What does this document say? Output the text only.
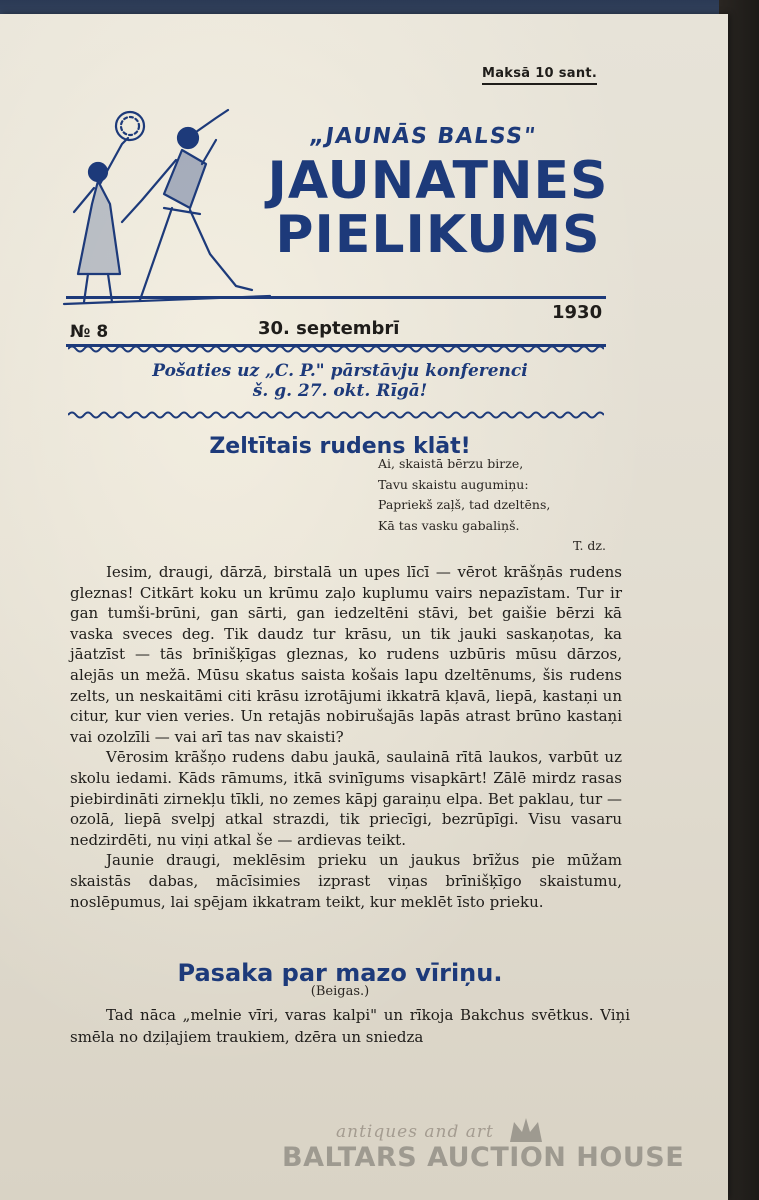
Maksā 10 sant.
„JAUNĀS BALSS"
JAUNATNES
PIELIKUMS
№ 8	30. septembrī
1930
Pošaties uz „C. P." pārstāvju konferenci
š. g. 27. okt. Rīgā!
Zeltītais rudens klāt!
Ai, skaistā bērzu birze,
Tavu skaistu augumiņu:
Papriekš zaļš, tad dzeltēns,
Kā tas vasku gabaliņš.
T. dz.

Iesim, draugi, dārzā, birstalā un upes līcī — vērot krāšņās rudens gleznas! Citkārt koku un krūmu zaļo kuplumu vairs nepazīstam. Tur ir gan tumši-brūni, gan sārti, gan iedzeltēni stāvi, bet gaišie bērzi kā vaska sveces deg. Tik daudz tur krāsu, un tik jauki saskaņotas, ka jāatzīst — tās brīnišķīgas gleznas, ko rudens uzbūris mūsu dārzos, alejās un mežā. Mūsu skatus saista košais lapu dzeltēnums, šis rudens zelts, un neskaitāmi citi krāsu izrotājumi ikkatrā kļavā, liepā, kastaņi un citur, kur vien veries. Un retajās nobirušajās lapās atrast brūno kastaņi vai ozolzīli — vai arī tas nav skaisti?

Vērosim krāšņo rudens dabu jaukā, saulainā rītā laukos, varbūt uz skolu iedami. Kāds rāmums, itkā svinīgums visapkārt! Zālē mirdz rasas piebirdināti zirnekļu tīkli, no zemes kāpj garaiņu elpa. Bet paklau, tur — ozolā, liepā svelpj atkal strazdi, tik priecīgi, bezrūpīgi. Visu vasaru nedzirdēti, nu viņi atkal še — ardievas teikt.

Jaunie draugi, meklēsim prieku un jaukus brīžus pie mūžam skaistās dabas, mācīsimies izprast viņas brīnišķīgo skaistumu, noslēpumus, lai spējam ikkatram teikt, kur meklēt īsto prieku.

Pasaka par mazo vīriņu.
(Beigas.)

Tad nāca „melnie vīri, varas kalpi" un rīkoja Bakchus svētkus. Viņi smēla no dziļajiem traukiem, dzēra un sniedza

antiques and art
BALTARS AUCTION HOUSE
